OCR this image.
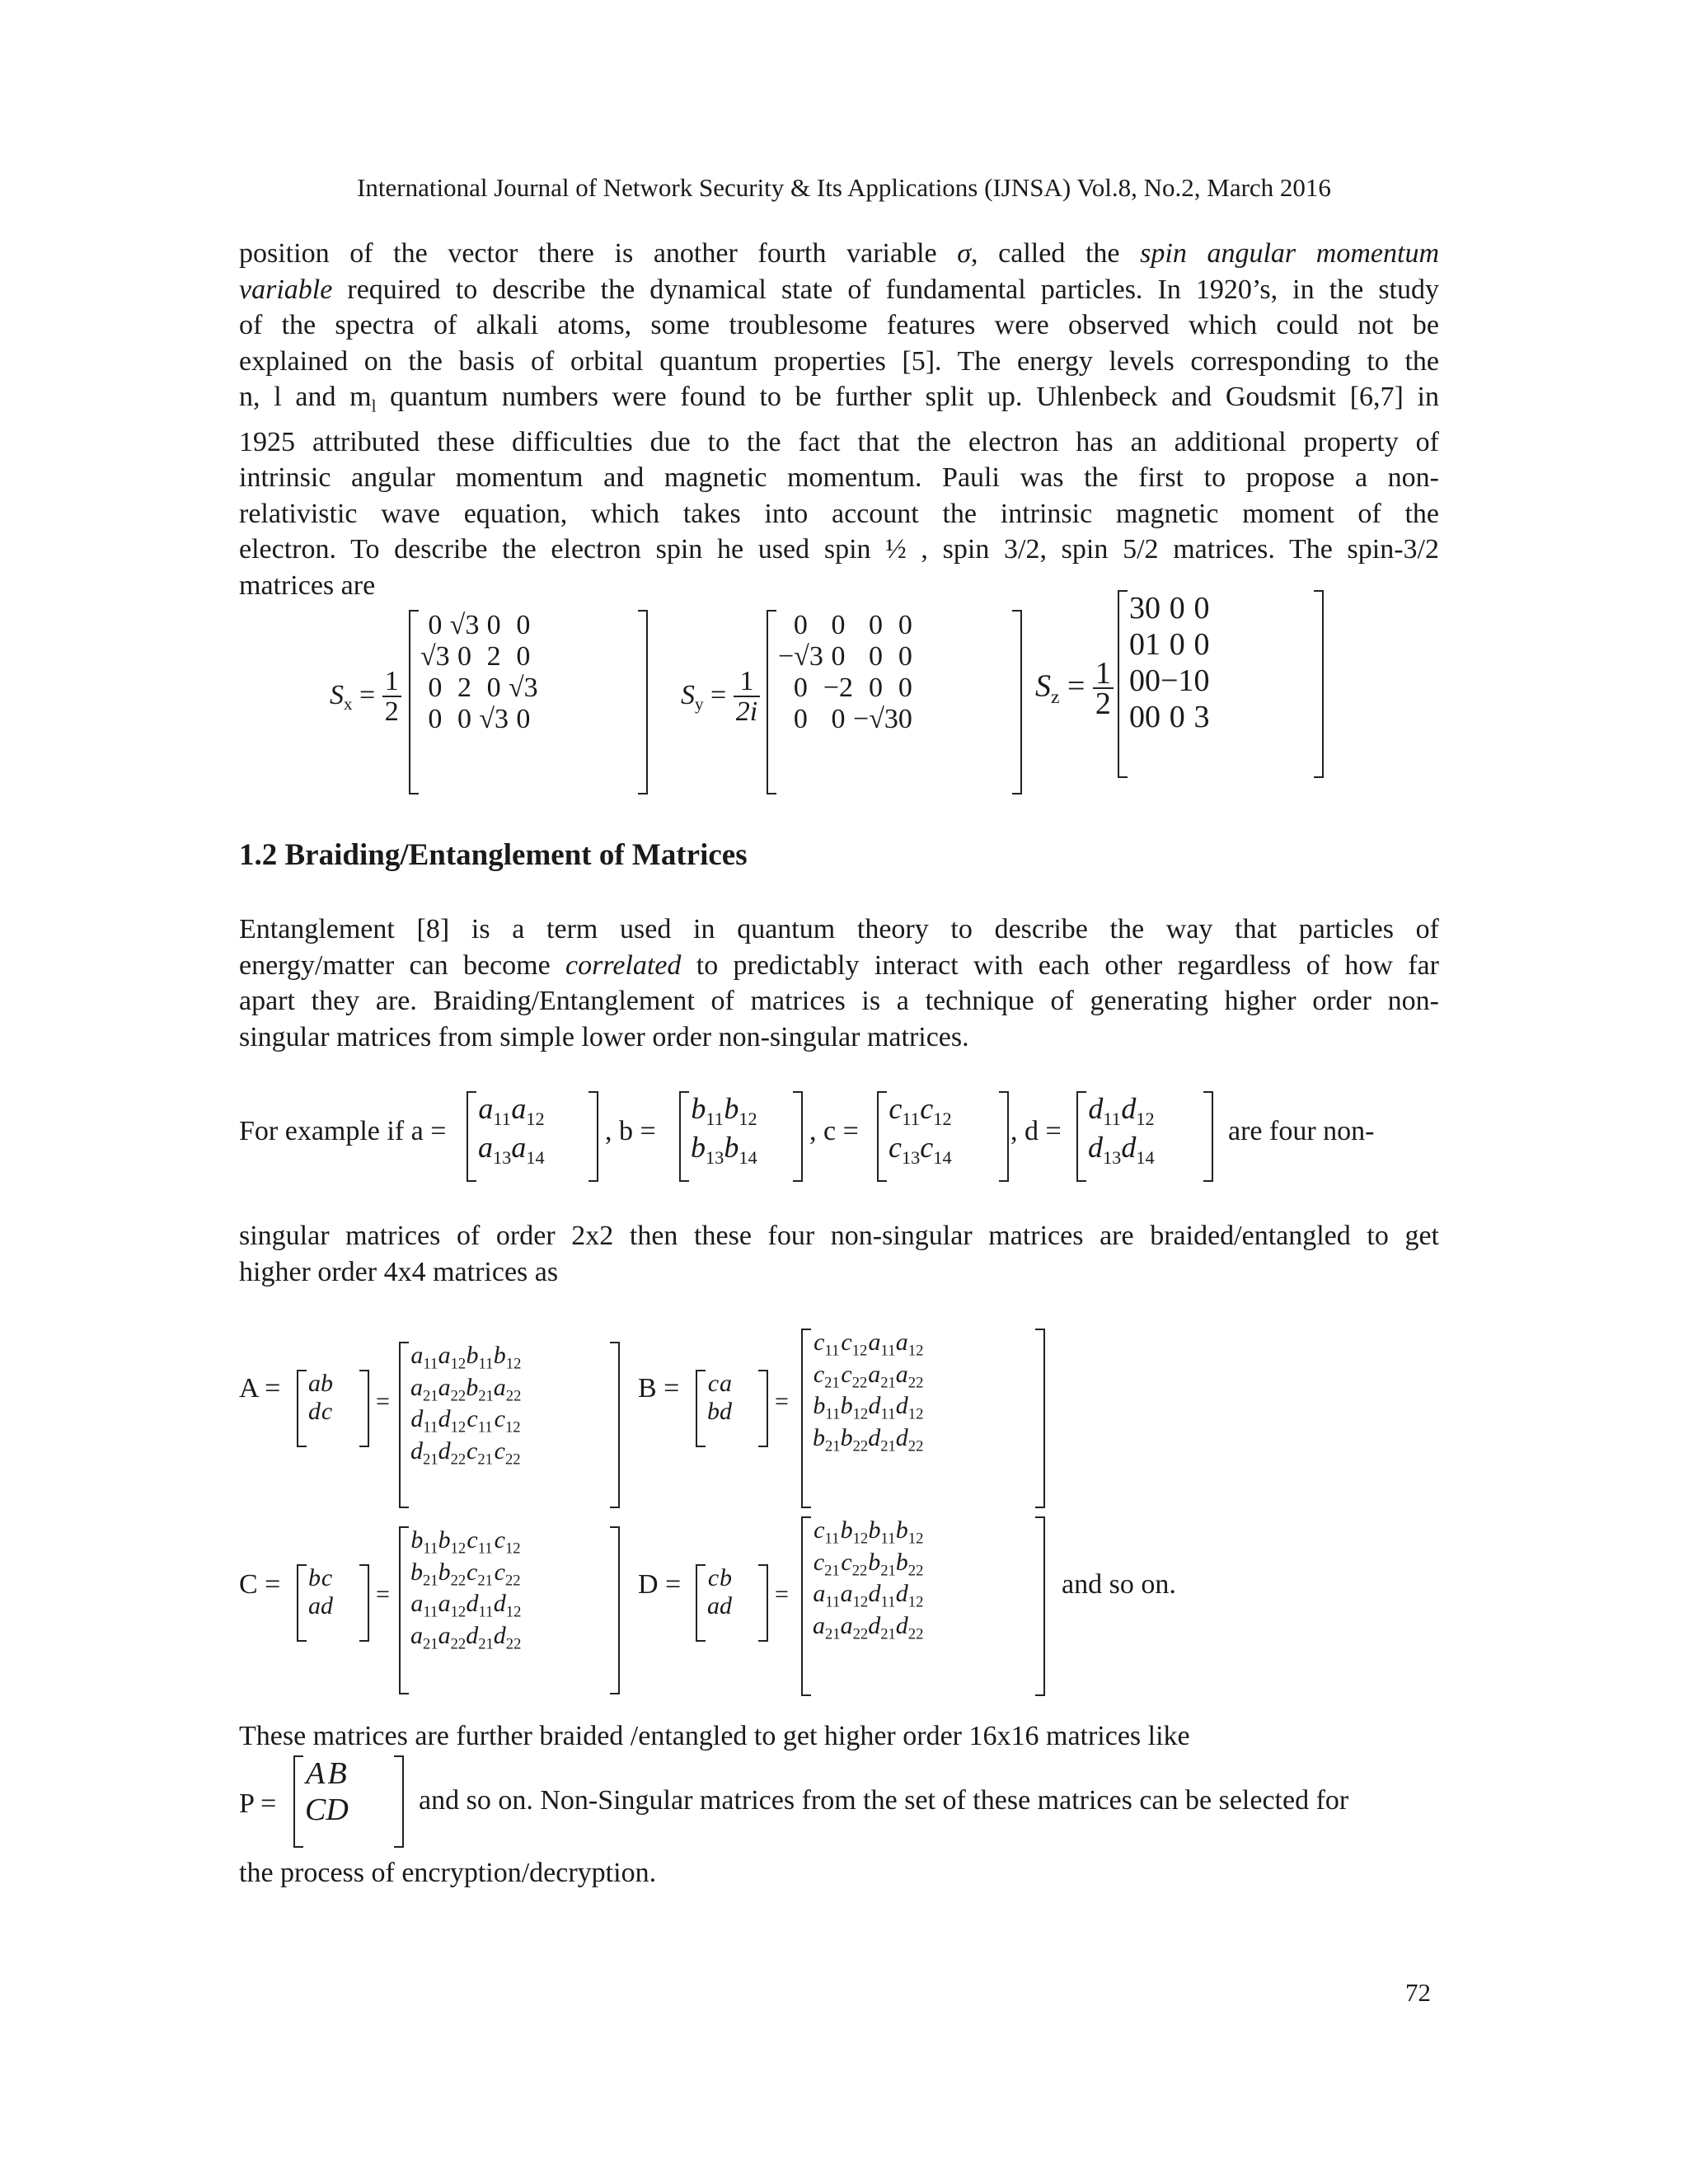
International Journal of Network Security & Its Applications (IJNSA) Vol.8, No.2, March 2016
position of the vector there is another fourth variable σ, called the spin angular momentum
variable required to describe the dynamical state of fundamental particles. In 1920’s, in the study
of the spectra of alkali atoms, some troublesome features were observed which could not be
explained on the basis of orbital quantum properties [5]. The energy levels corresponding to the
n, l and $m_l$ quantum numbers were found to be further split up. Uhlenbeck and Goudsmit [6,7] in
1925 attributed these difficulties due to the fact that the electron has an additional property of
intrinsic angular momentum and magnetic momentum. Pauli was the first to propose a non-
relativistic wave equation, which takes into account the intrinsic magnetic moment of the
electron. To describe the electron spin he used spin ½ , spin 3/2, spin 5/2 matrices. The spin-3/2
matrices are
$S_x = \frac{1}{2}$
0	√3	0	0
√3	0	2	0
0	2	0	√3
0	0	√3	0
$S_y = \frac{1}{2i}$
0	0	0	0
−√3	0	0	0
0	−2	0	0
0	0	−√3	0
$S_z = \frac{1}{2}$
3	0	0	0
0	1	0	0
0	0	−1	0
0	0	0	3
1.2 Braiding/Entanglement of Matrices
Entanglement [8] is a term used in quantum theory to describe the way that particles of
energy/matter can become correlated to predictably interact with each other regardless of how far
apart they are. Braiding/Entanglement of matrices is a technique of generating higher order non-
singular matrices from simple lower order non-singular matrices.
For example if a =
$a_{11}$	$a_{12}$
$a_{13}$	$a_{14}$
, b =
$b_{11}$	$b_{12}$
$b_{13}$	$b_{14}$
, c =
$c_{11}$	$c_{12}$
$c_{13}$	$c_{14}$
, d =
$d_{11}$	$d_{12}$
$d_{13}$	$d_{14}$
are four non-
singular matrices of order 2x2 then these four non-singular matrices are braided/entangled to get
higher order 4x4 matrices as
A = a	b
d	c =
$a_{11}$	$a_{12}$	$b_{11}$	$b_{12}$
$a_{21}$	$a_{22}$	$b_{21}$	$a_{22}$
$d_{11}$	$d_{12}$	$c_{11}$	$c_{12}$
$d_{21}$	$d_{22}$	$c_{21}$	$c_{22}$
B = c	a
b	d =
$c_{11}$	$c_{12}$	$a_{11}$	$a_{12}$
$c_{21}$	$c_{22}$	$a_{21}$	$a_{22}$
$b_{11}$	$b_{12}$	$d_{11}$	$d_{12}$
$b_{21}$	$b_{22}$	$d_{21}$	$d_{22}$
C = b	c
a	d =
$b_{11}$	$b_{12}$	$c_{11}$	$c_{12}$
$b_{21}$	$b_{22}$	$c_{21}$	$c_{22}$
$a_{11}$	$a_{12}$	$d_{11}$	$d_{12}$
$a_{21}$	$a_{22}$	$d_{21}$	$d_{22}$
D = c	b
a	d =
$c_{11}$	$b_{12}$	$b_{11}$	$b_{12}$
$c_{21}$	$c_{22}$	$b_{21}$	$b_{22}$
$a_{11}$	$a_{12}$	$d_{11}$	$d_{12}$
$a_{21}$	$a_{22}$	$d_{21}$	$d_{22}$
and so on.
These matrices are further braided /entangled to get higher order 16x16 matrices like
P =
A	B
C	D	and so on. Non-Singular matrices from the set of these matrices can be selected for
the process of encryption/decryption.
72
